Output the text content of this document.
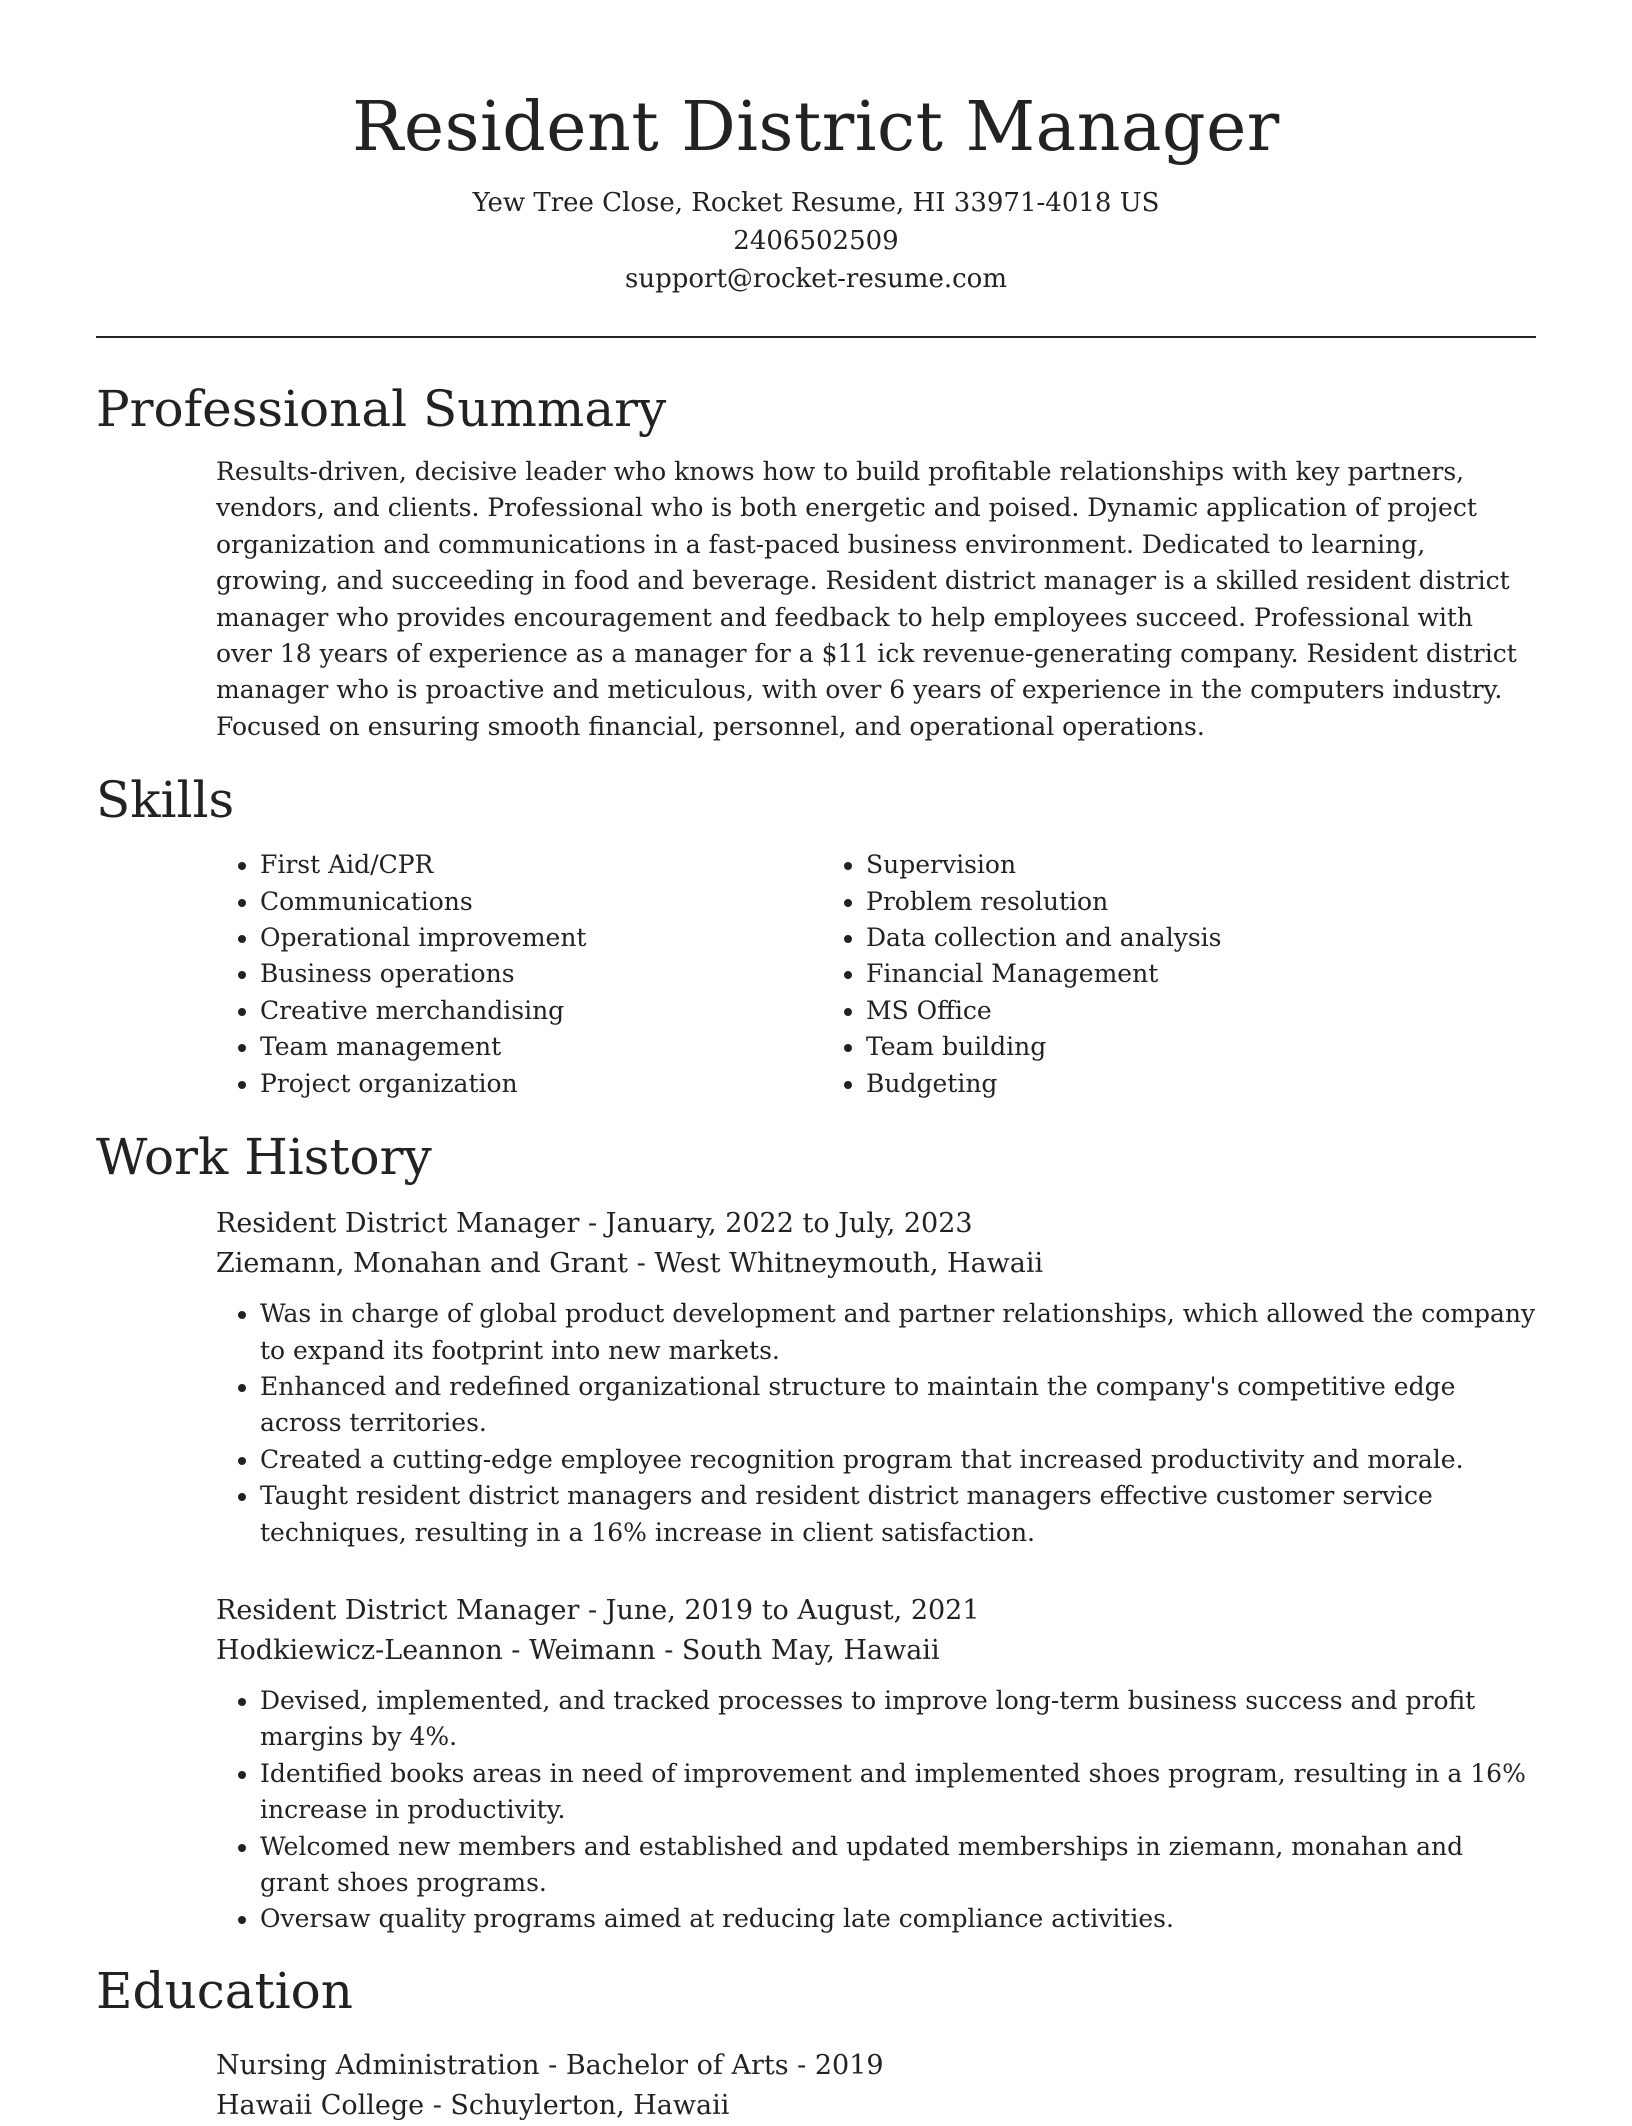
Resident District Manager
Yew Tree Close, Rocket Resume, HI 33971-4018 US
2406502509
support@rocket-resume.com
Professional Summary

Results-driven, decisive leader who knows how to build profitable relationships with key partners, vendors, and clients. Professional who is both energetic and poised. Dynamic application of project organization and communications in a fast-paced business environment. Dedicated to learning, growing, and succeeding in food and beverage. Resident district manager is a skilled resident district manager who provides encouragement and feedback to help employees succeed. Professional with over 18 years of experience as a manager for a $11 ick revenue-generating company. Resident district manager who is proactive and meticulous, with over 6 years of experience in the computers industry. Focused on ensuring smooth financial, personnel, and operational operations.

Skills
• First Aid/CPR
• Communications
• Operational improvement
• Business operations
• Creative merchandising
• Team management
• Project organization
• Supervision
• Problem resolution
• Data collection and analysis
• Financial Management
• MS Office
• Team building
• Budgeting
Work History
Resident District Manager - January, 2022 to July, 2023
Ziemann, Monahan and Grant - West Whitneymouth, Hawaii
• Was in charge of global product development and partner relationships, which allowed the company to expand its footprint into new markets.
• Enhanced and redefined organizational structure to maintain the company's competitive edge across territories.
• Created a cutting-edge employee recognition program that increased productivity and morale.
• Taught resident district managers and resident district managers effective customer service techniques, resulting in a 16% increase in client satisfaction.
Resident District Manager - June, 2019 to August, 2021
Hodkiewicz-Leannon - Weimann - South May, Hawaii
• Devised, implemented, and tracked processes to improve long-term business success and profit margins by 4%.
• Identified books areas in need of improvement and implemented shoes program, resulting in a 16% increase in productivity.
• Welcomed new members and established and updated memberships in ziemann, monahan and grant shoes programs.
• Oversaw quality programs aimed at reducing late compliance activities.
Education
Nursing Administration - Bachelor of Arts - 2019
Hawaii College - Schuylerton, Hawaii
